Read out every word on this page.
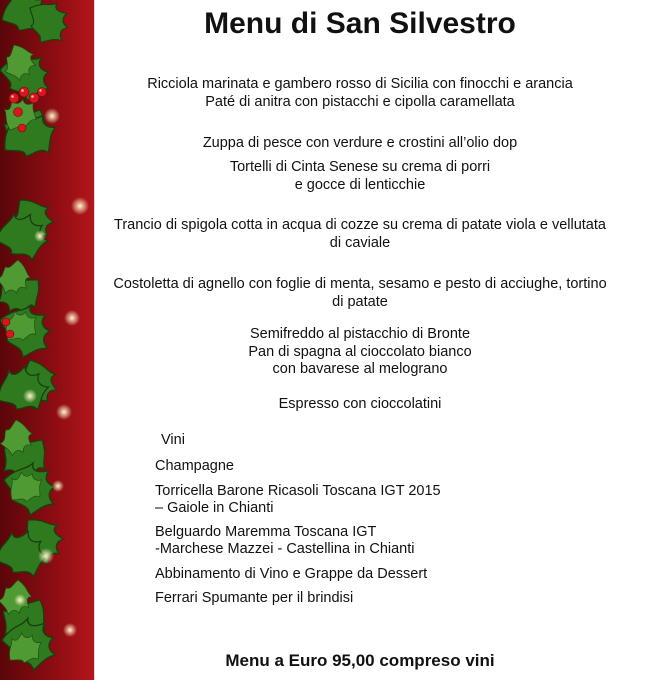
Menu di San Silvestro

Ricciola marinata e gambero rosso di Sicilia con finocchi e arancia

Paté di anitra con pistacchi e cipolla caramellata

Zuppa di pesce con verdure e crostini all’olio dop

Tortelli di Cinta Senese su crema di porri

e gocce di lenticchie

Trancio di spigola cotta in acqua di cozze su crema di patate viola e vellutata

di caviale

Costoletta di agnello con foglie di menta, sesamo e pesto di acciughe, tortino

di patate

Semifreddo al pistacchio di Bronte

Pan di spagna al cioccolato bianco

con bavarese al melograno

Espresso con cioccolatini

Vini

Champagne

Torricella Barone Ricasoli Toscana IGT 2015

– Gaiole in Chianti

Belguardo Maremma Toscana IGT

-Marchese Mazzei - Castellina in Chianti

Abbinamento di Vino e Grappe da Dessert

Ferrari Spumante per il brindisi

Menu a Euro 95,00 compreso vini
